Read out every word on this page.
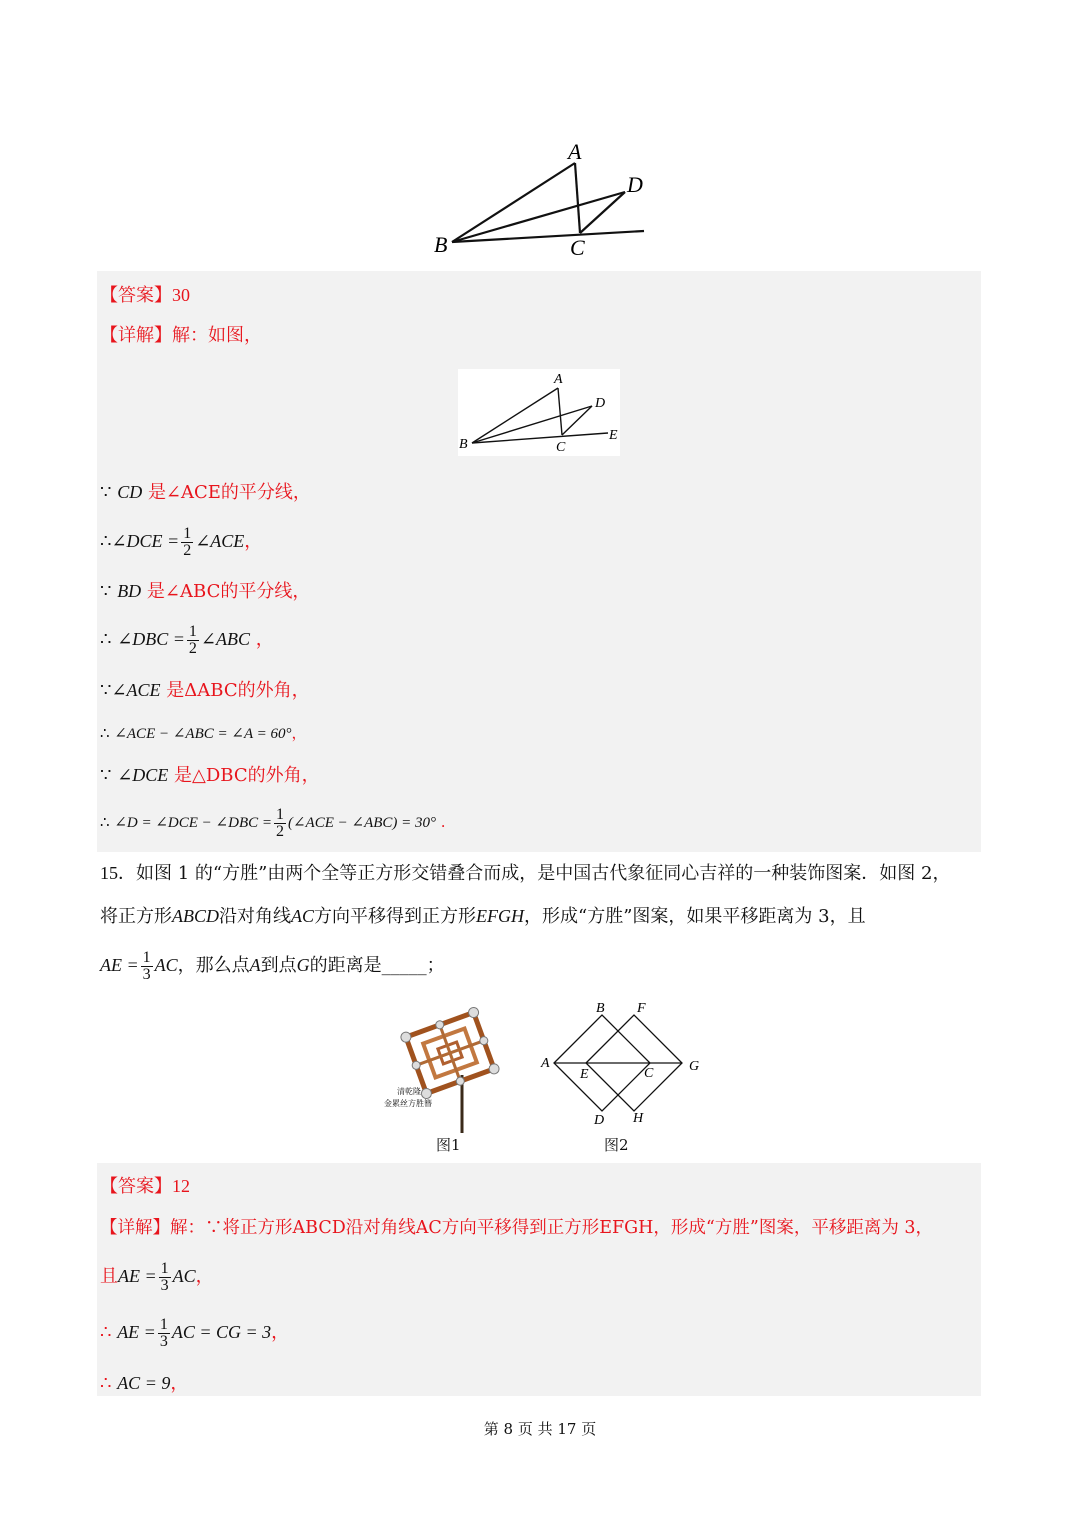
A
D
B	C
【答案】30
【详解】解：如图，
A
D
E
B	C
∵ CD 是∠ACE的平分线，
∴∠DCE = $\frac{1}{2}$ ∠ACE，
∵ BD 是∠ABC的平分线，
∴ ∠DBC = $\frac{1}{2}$ ∠ABC ，
∵∠ACE 是ΔABC的外角，
∴ ∠ACE − ∠ABC = ∠A = 60°，
∵ ∠DCE 是△DBC的外角，
∴ ∠D = ∠DCE − ∠DBC = $\frac{1}{2}$ (∠ACE − ∠ABC) = 30° .
15．如图 1 的“方胜”由两个全等正方形交错叠合而成，是中国古代象征同心吉祥的一种装饰图案．如图 2，
将正方形ABCD沿对角线AC方向平移得到正方形EFGH，形成“方胜”图案，如果平移距离为 3，且
AE = $\frac{1}{3}$ AC，那么点A到点G的距离是_____；
清乾隆
金累丝方胜簪
图1
B F
A
E	C	G
D H
图2
【答案】12
【详解】解：∵将正方形ABCD沿对角线AC方向平移得到正方形EFGH，形成“方胜”图案，平移距离为 3，
且AE = $\frac{1}{3}$ AC，
∴ AE = $\frac{1}{3}$ AC = CG = 3，
∴ AC = 9，
第 8 页 共 17 页
